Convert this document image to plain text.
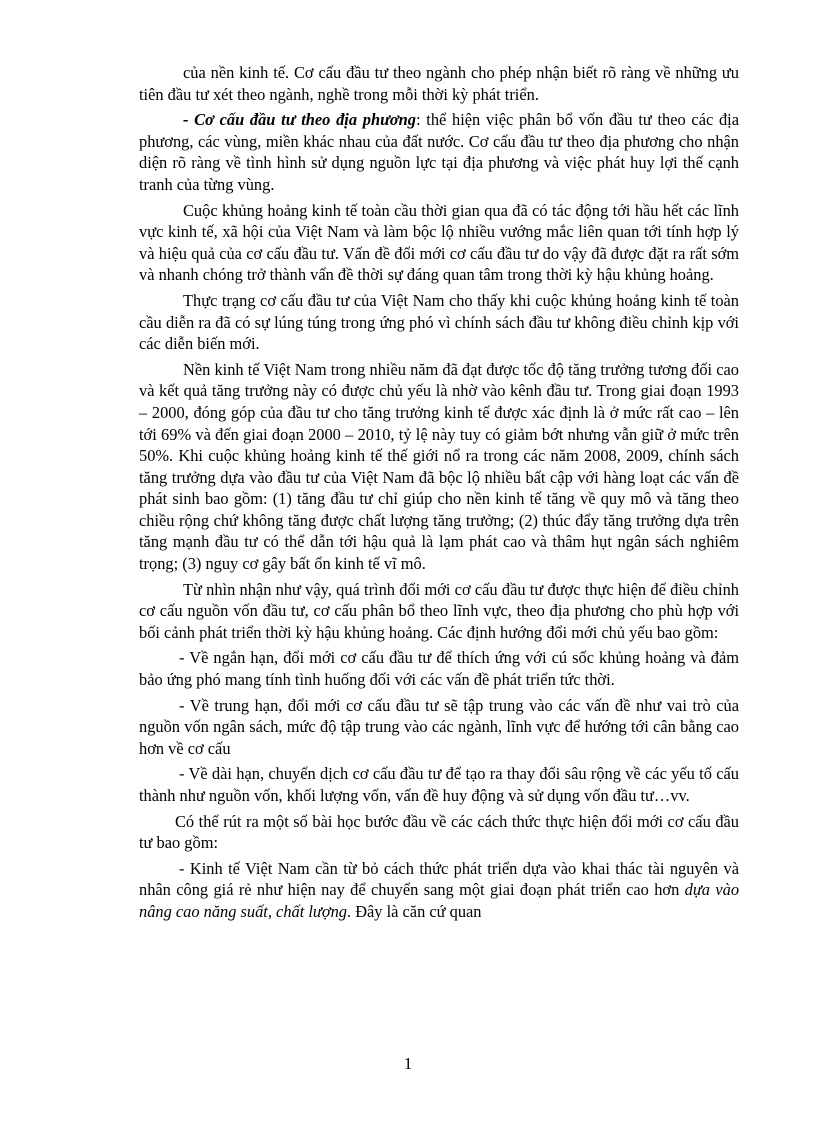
của nền kinh tế. Cơ cấu đầu tư theo ngành cho phép nhận biết rõ ràng về những ưu tiên đầu tư xét theo ngành, nghề trong mỗi thời kỳ phát triển.

- Cơ cấu đầu tư theo địa phương: thể hiện việc phân bổ vốn đầu tư theo các địa phương, các vùng, miền khác nhau của đất nước. Cơ cấu đầu tư theo địa phương cho nhận diện rõ ràng về tình hình sử dụng nguồn lực tại địa phương và việc phát huy lợi thế cạnh tranh của từng vùng.

Cuộc khủng hoảng kinh tế toàn cầu thời gian qua đã có tác động tới hầu hết các lĩnh vực kinh tế, xã hội của Việt Nam và làm bộc lộ nhiều vướng mắc liên quan tới tính hợp lý và hiệu quả của cơ cấu đầu tư. Vấn đề đổi mới cơ cấu đầu tư do vậy đã được đặt ra rất sớm và nhanh chóng trở thành vấn đề thời sự đáng quan tâm trong thời kỳ hậu khủng hoảng.

Thực trạng cơ cấu đầu tư của Việt Nam cho thấy khi cuộc khủng hoảng kinh tế toàn cầu diễn ra đã có sự lúng túng trong ứng phó vì chính sách đầu tư không điều chỉnh kịp với các diễn biến mới.

Nền kinh tế Việt Nam trong nhiều năm đã đạt được tốc độ tăng trưởng tương đối cao và kết quả tăng trưởng này có được chủ yếu là nhờ vào kênh đầu tư. Trong giai đoạn 1993 – 2000, đóng góp của đầu tư cho tăng trưởng kinh tế được xác định là ở mức rất cao – lên tới 69% và đến giai đoạn 2000 – 2010, tỷ lệ này tuy có giảm bớt nhưng vẫn giữ ở mức trên 50%. Khi cuộc khủng hoảng kinh tế thế giới nổ ra trong các năm 2008, 2009, chính sách tăng trưởng dựa vào đầu tư của Việt Nam đã bộc lộ nhiều bất cập với hàng loạt các vấn đề phát sinh bao gồm: (1) tăng đầu tư chỉ giúp cho nền kinh tế tăng về quy mô và tăng theo chiều rộng chứ không tăng được chất lượng tăng trưởng; (2) thúc đẩy tăng trưởng dựa trên tăng mạnh đầu tư có thể dẫn tới hậu quả là lạm phát cao và thâm hụt ngân sách nghiêm trọng; (3) nguy cơ gây bất ổn kinh tế vĩ mô.

Từ nhìn nhận như vậy, quá trình đổi mới cơ cấu đầu tư được thực hiện để điều chỉnh cơ cấu nguồn vốn đầu tư, cơ cấu phân bổ theo lĩnh vực, theo địa phương cho phù hợp với bối cảnh phát triển thời kỳ hậu khủng hoảng. Các định hướng đổi mới chủ yếu bao gồm:

- Về ngắn hạn, đổi mới cơ cấu đầu tư để thích ứng với cú sốc khủng hoảng và đảm bảo ứng phó mang tính tình huống đối với các vấn đề phát triển tức thời.

- Về trung hạn, đổi mới cơ cấu đầu tư sẽ tập trung vào các vấn đề như vai trò của nguồn vốn ngân sách, mức độ tập trung vào các ngành, lĩnh vực để hướng tới cân bằng cao hơn về cơ cấu

- Về dài hạn, chuyển dịch cơ cấu đầu tư để tạo ra thay đổi sâu rộng về các yếu tố cấu thành như nguồn vốn, khối lượng vốn, vấn đề huy động và sử dụng vốn đầu tư…vv.

Có thể rút ra một số bài học bước đầu về các cách thức thực hiện đổi mới cơ cấu đầu tư bao gồm:

- Kinh tế Việt Nam cần từ bỏ cách thức phát triển dựa vào khai thác tài nguyên và nhân công giá rẻ như hiện nay để chuyển sang một giai đoạn phát triển cao hơn dựa vào nâng cao năng suất, chất lượng. Đây là căn cứ quan

1
